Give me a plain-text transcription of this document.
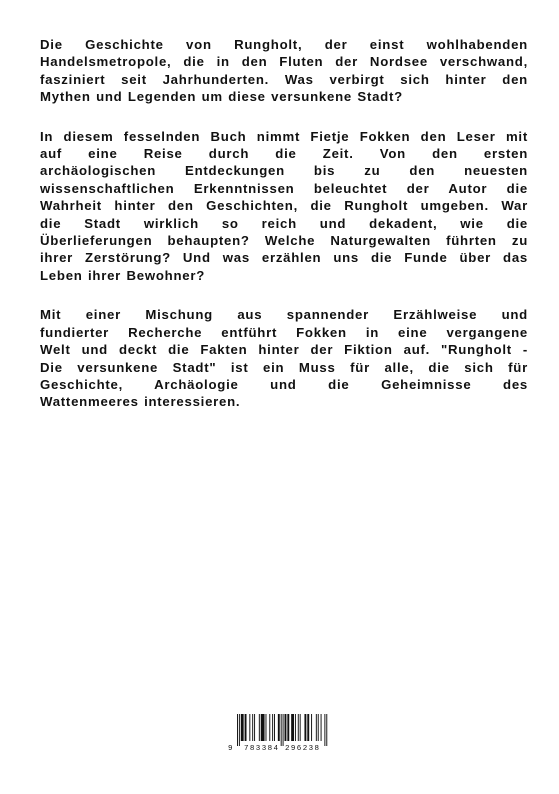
Die Geschichte von Rungholt, der einst wohlhabenden
Handelsmetropole, die in den Fluten der Nordsee verschwand,
fasziniert seit Jahrhunderten. Was verbirgt sich hinter den
Mythen und Legenden um diese versunkene Stadt?

In diesem fesselnden Buch nimmt Fietje Fokken den Leser mit
auf eine Reise durch die Zeit. Von den ersten
archäologischen Entdeckungen bis zu den neuesten
wissenschaftlichen Erkenntnissen beleuchtet der Autor die
Wahrheit hinter den Geschichten, die Rungholt umgeben. War
die Stadt wirklich so reich und dekadent, wie die
Überlieferungen behaupten? Welche Naturgewalten führten zu
ihrer Zerstörung? Und was erzählen uns die Funde über das
Leben ihrer Bewohner?

Mit einer Mischung aus spannender Erzählweise und
fundierter Recherche entführt Fokken in eine vergangene
Welt und deckt die Fakten hinter der Fiktion auf. "Rungholt -
Die versunkene Stadt" ist ein Muss für alle, die sich für
Geschichte, Archäologie und die Geheimnisse des
Wattenmeeres interessieren.

9 783384 296238
